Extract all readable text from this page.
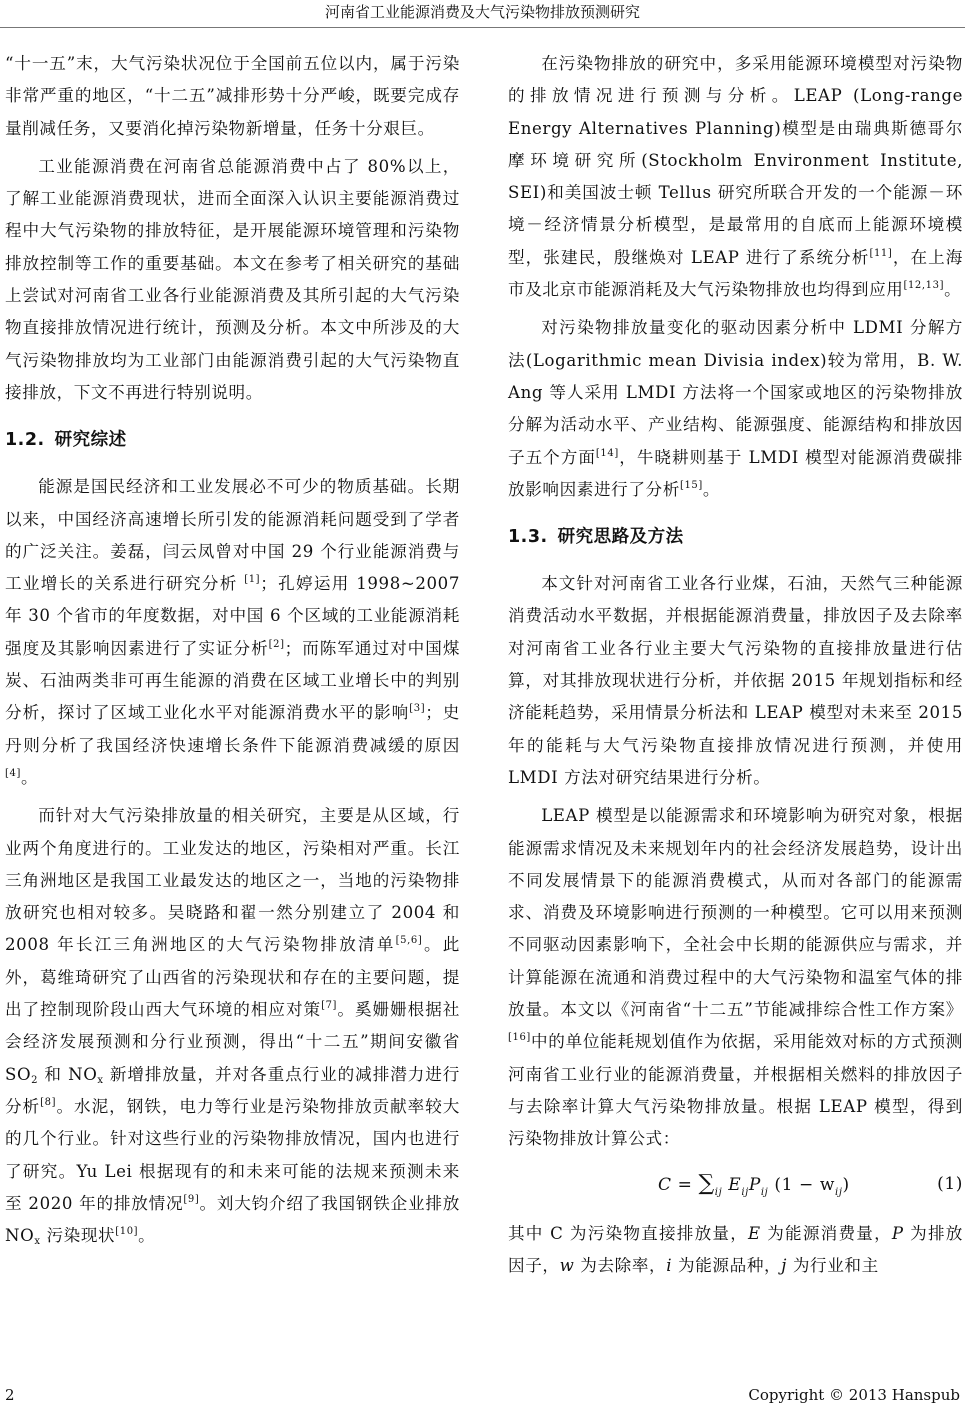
河南省工业能源消费及大气污染物排放预测研究

“十一五”末，大气污染状况位于全国前五位以内，属于污染非常严重的地区，“十二五”减排形势十分严峻，既要完成存量削减任务，又要消化掉污染物新增量，任务十分艰巨。

工业能源消费在河南省总能源消费中占了 80%以上，了解工业能源消费现状，进而全面深入认识主要能源消费过程中大气污染物的排放特征，是开展能源环境管理和污染物排放控制等工作的重要基础。本文在参考了相关研究的基础上尝试对河南省工业各行业能源消费及其所引起的大气污染物直接排放情况进行统计，预测及分析。本文中所涉及的大气污染物排放均为工业部门由能源消费引起的大气污染物直接排放，下文不再进行特别说明。

1.2. 研究综述

能源是国民经济和工业发展必不可少的物质基础。长期以来，中国经济高速增长所引发的能源消耗问题受到了学者的广泛关注。姜磊，闫云凤曾对中国 29 个行业能源消费与工业增长的关系进行研究分析 [1]；孔婷运用 1998~2007 年 30 个省市的年度数据，对中国 6 个区域的工业能源消耗强度及其影响因素进行了实证分析[2]；而陈军通过对中国煤炭、石油两类非可再生能源的消费在区域工业增长中的判别分析，探讨了区域工业化水平对能源消费水平的影响[3]；史丹则分析了我国经济快速增长条件下能源消费减缓的原因[4]。

而针对大气污染排放量的相关研究，主要是从区域，行业两个角度进行的。工业发达的地区，污染相对严重。长江三角洲地区是我国工业最发达的地区之一，当地的污染物排放研究也相对较多。吴晓路和翟一然分别建立了 2004 和 2008 年长江三角洲地区的大气污染物排放清单[5,6]。此外，葛维琦研究了山西省的污染现状和存在的主要问题，提出了控制现阶段山西大气环境的相应对策[7]。奚姗姗根据社会经济发展预测和分行业预测，得出“十二五”期间安徽省 $SO_2$ 和 $NO_x$ 新增排放量，并对各重点行业的减排潜力进行分析[8]。水泥，钢铁，电力等行业是污染物排放贡献率较大的几个行业。针对这些行业的污染物排放情况，国内也进行了研究。Yu Lei 根据现有的和未来可能的法规来预测未来至 2020 年的排放情况[9]。刘大钧介绍了我国钢铁企业排放 $NO_x$ 污染现状[10]。

在污染物排放的研究中，多采用能源环境模型对污染物的排放情况进行预测与分析。LEAP (Long-range Energy Alternatives Planning)模型是由瑞典斯德哥尔摩环境研究所(Stockholm Environment Institute, SEI)和美国波士顿 Tellus 研究所联合开发的一个能源－环境－经济情景分析模型，是最常用的自底而上能源环境模型，张建民，殷继焕对 LEAP 进行了系统分析[11]，在上海市及北京市能源消耗及大气污染物排放也均得到应用[12,13]。

对污染物排放量变化的驱动因素分析中 LDMI 分解方法(Logarithmic mean Divisia index)较为常用，B. W. Ang 等人采用 LMDI 方法将一个国家或地区的污染物排放分解为活动水平、产业结构、能源强度、能源结构和排放因子五个方面[14]，牛晓耕则基于 LMDI 模型对能源消费碳排放影响因素进行了分析[15]。

1.3. 研究思路及方法

本文针对河南省工业各行业煤，石油，天然气三种能源消费活动水平数据，并根据能源消费量，排放因子及去除率对河南省工业各行业主要大气污染物的直接排放量进行估算，对其排放现状进行分析，并依据 2015 年规划指标和经济能耗趋势，采用情景分析法和 LEAP 模型对未来至 2015 年的能耗与大气污染物直接排放情况进行预测，并使用 LMDI 方法对研究结果进行分析。

LEAP 模型是以能源需求和环境影响为研究对象，根据能源需求情况及未来规划年内的社会经济发展趋势，设计出不同发展情景下的能源消费模式，从而对各部门的能源需求、消费及环境影响进行预测的一种模型。它可以用来预测不同驱动因素影响下，全社会中长期的能源供应与需求，并计算能源在流通和消费过程中的大气污染物和温室气体的排放量。本文以《河南省“十二五”节能减排综合性工作方案》[16]中的单位能耗规划值作为依据，采用能效对标的方式预测河南省工业行业的能源消费量，并根据相关燃料的排放因子与去除率计算大气污染物排放量。根据 LEAP 模型，得到污染物排放计算公式：

$C = \sum_{ij}$ $E_{ij}P_{ij}$ $(1 - w_{ij})$	(1)

其中 C 为污染物直接排放量，E 为能源消费量，P 为排放因子，w 为去除率，i 为能源品种，j 为行业和主

2	Copyright © 2013 Hanspub
